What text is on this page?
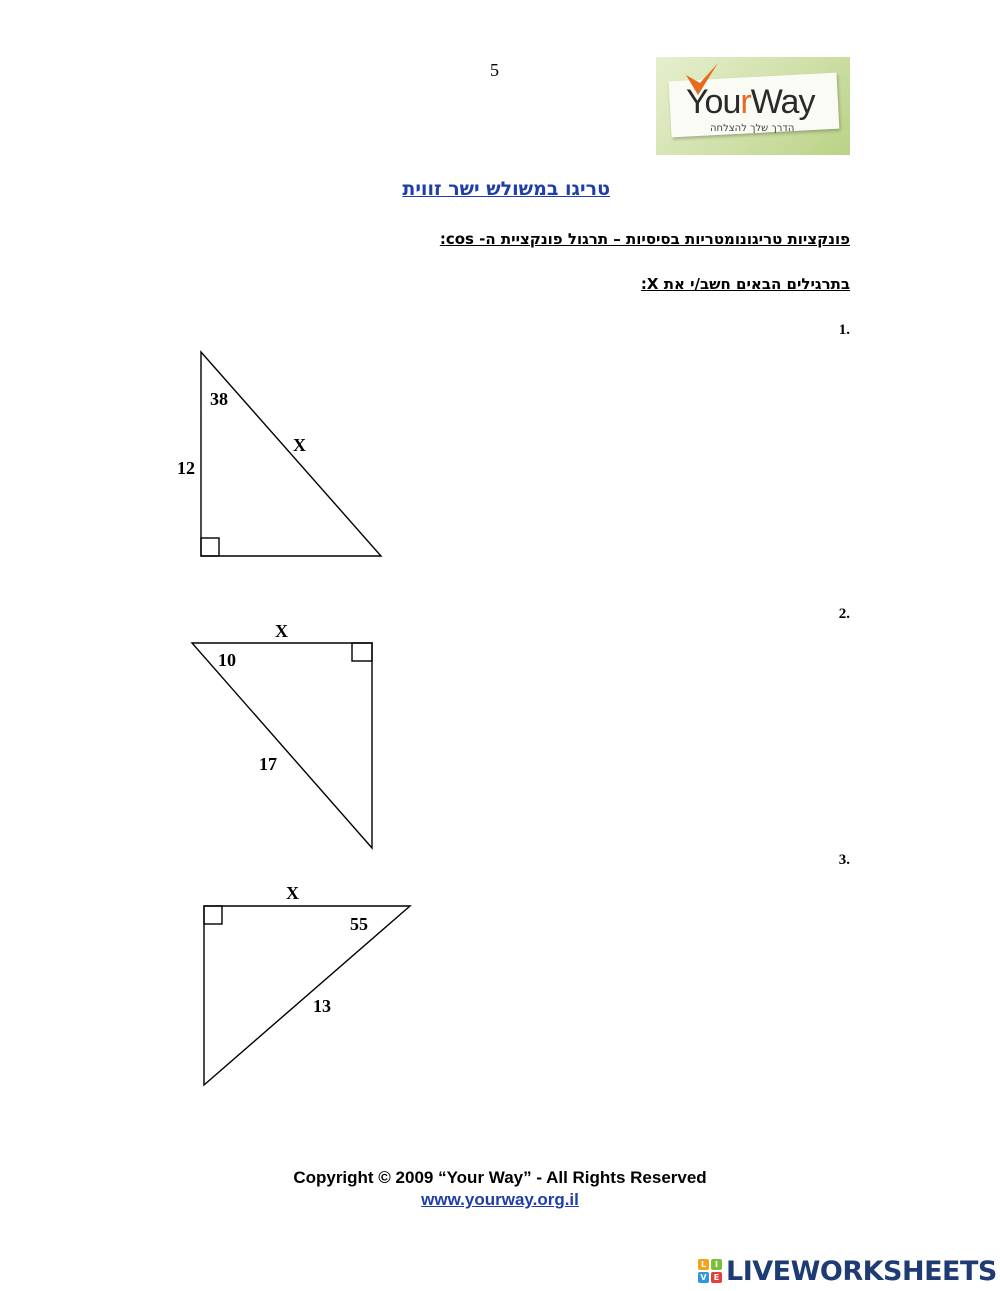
5
YourWay
הדרך שלך להצלחה
טריגו במשולש ישר זווית
פונקציות טריגונומטריות בסיסיות – תרגול פונקציית ה- cos:
בתרגילים הבאים חשב/י את X:
1.
2.
3.
38
12
X
X
10
17
X
55
13
Copyright © 2009 “Your Way” - All Rights Reserved
www.yourway.org.il
L	I
V E LIVEWORKSHEETS
